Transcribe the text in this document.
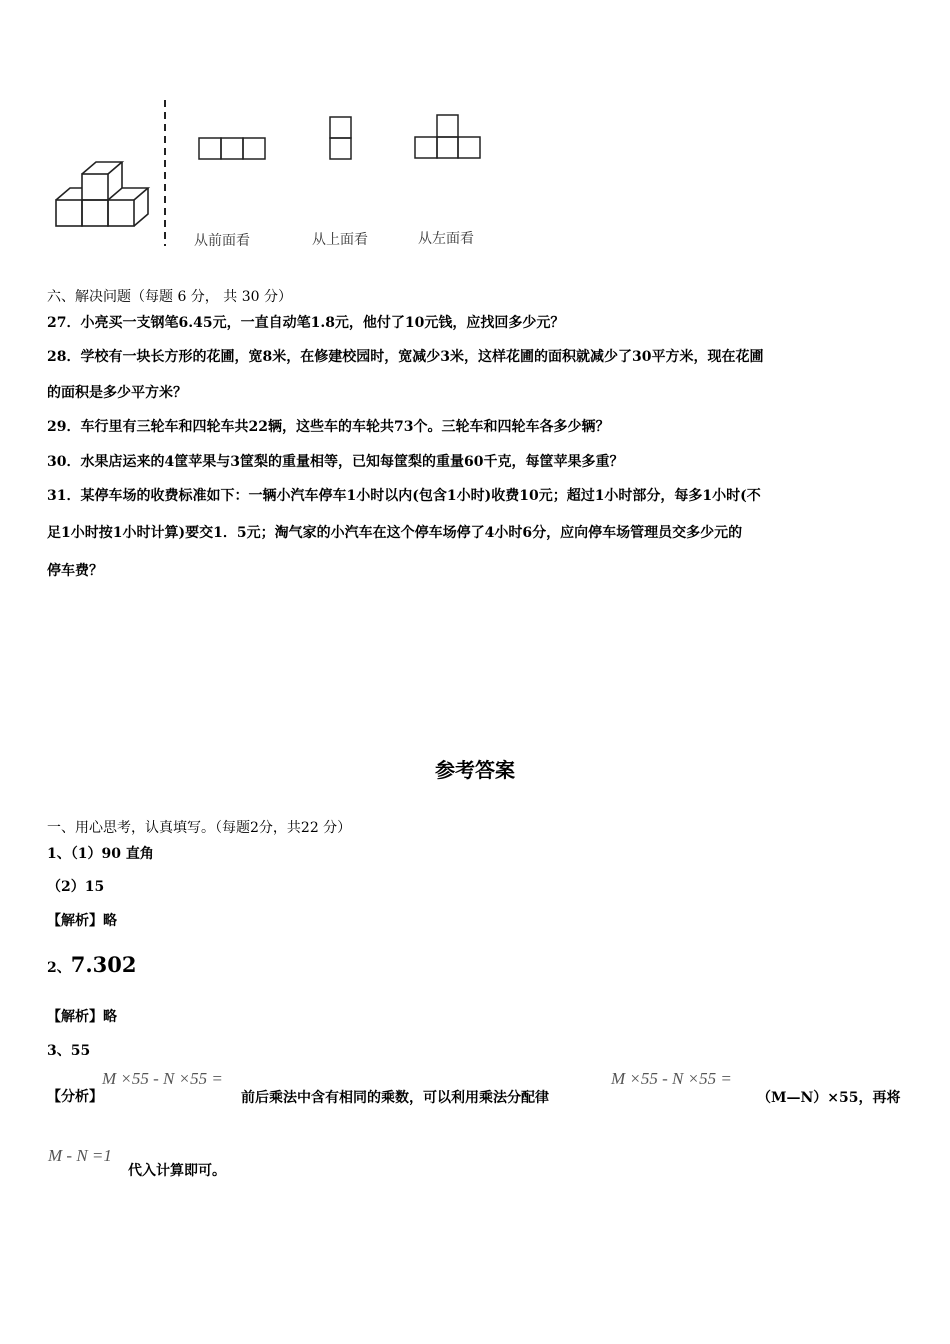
从前面看	从上面看	从左面看
六、解决问题（每题 6 分， 共 30 分）
27．小亮买一支钢笔6.45元，一直自动笔1.8元，他付了10元钱，应找回多少元？
28．学校有一块长方形的花圃，宽8米，在修建校园时，宽减少3米，这样花圃的面积就减少了30平方米，现在花圃
的面积是多少平方米？
29．车行里有三轮车和四轮车共22辆，这些车的车轮共73个。三轮车和四轮车各多少辆？
30．水果店运来的4筐苹果与3筐梨的重量相等，已知每筐梨的重量60千克，每筐苹果多重？
31．某停车场的收费标准如下：一辆小汽车停车1小时以内(包含1小时)收费10元；超过1小时部分，每多1小时(不
足1小时按1小时计算)要交1．5元；淘气家的小汽车在这个停车场停了4小时6分，应向停车场管理员交多少元的
停车费？
参考答案
一、用心思考，认真填写。（每题2分，共22 分）
1、（1）90 直角
（2）15
【解析】略
2、7.302
【解析】略
3、55
【分析】
M ×55 - N ×55 =
前后乘法中含有相同的乘数，可以利用乘法分配律
M ×55 - N ×55 =
（M—N）×55，再将
M - N =1
代入计算即可。
